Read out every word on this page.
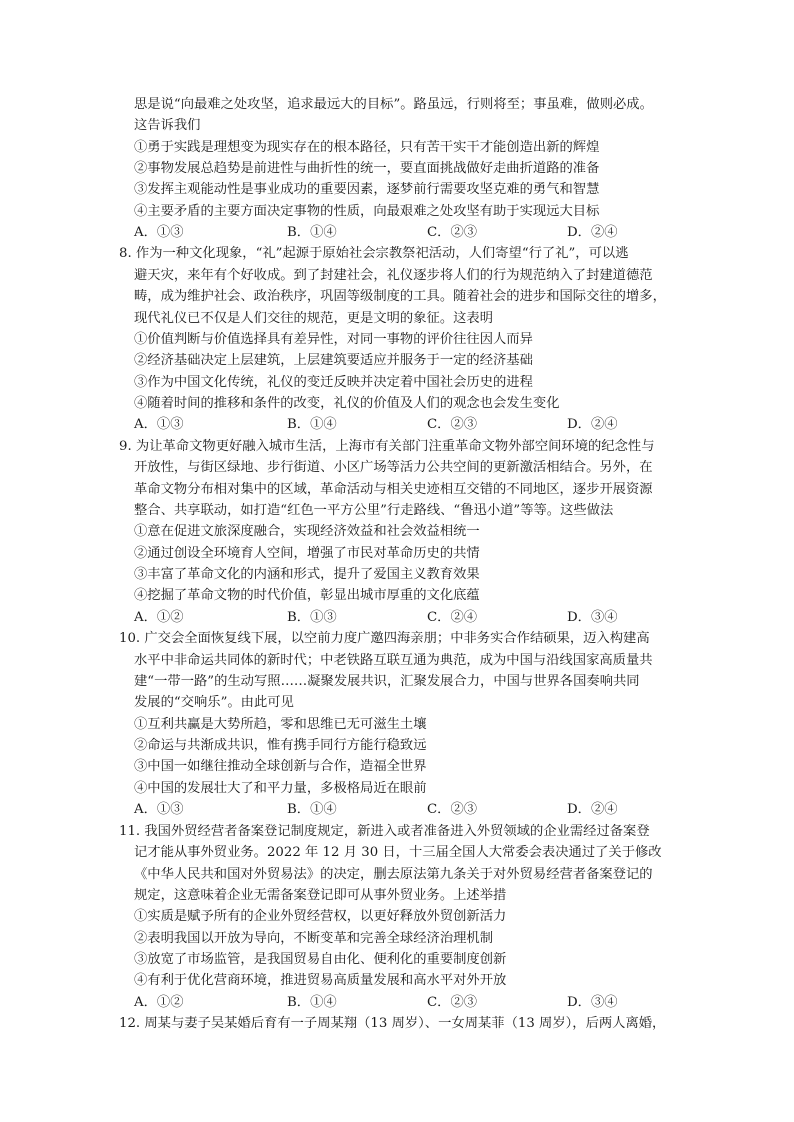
思是说“向最难之处攻坚，追求最远大的目标”。路虽远，行则将至；事虽难，做则必成。
这告诉我们
①勇于实践是理想变为现实存在的根本路径，只有苦干实干才能创造出新的辉煌
②事物发展总趋势是前进性与曲折性的统一，要直面挑战做好走曲折道路的准备
③发挥主观能动性是事业成功的重要因素，逐梦前行需要攻坚克难的勇气和智慧
④主要矛盾的主要方面决定事物的性质，向最艰难之处攻坚有助于实现远大目标
A．①③	B．①④	C．②③	D．②④
8. 作为一种文化现象，“礼”起源于原始社会宗教祭祀活动，人们寄望“行了礼”，可以逃
避天灾，来年有个好收成。到了封建社会，礼仪逐步将人们的行为规范纳入了封建道德范
畴，成为维护社会、政治秩序，巩固等级制度的工具。随着社会的进步和国际交往的增多，
现代礼仪已不仅是人们交往的规范，更是文明的象征。这表明
①价值判断与价值选择具有差异性，对同一事物的评价往往因人而异
②经济基础决定上层建筑，上层建筑要适应并服务于一定的经济基础
③作为中国文化传统，礼仪的变迁反映并决定着中国社会历史的进程
④随着时间的推移和条件的改变，礼仪的价值及人们的观念也会发生变化
A．①③	B．①④	C．②③	D．②④
9. 为让革命文物更好融入城市生活，上海市有关部门注重革命文物外部空间环境的纪念性与
开放性，与街区绿地、步行街道、小区广场等活力公共空间的更新激活相结合。另外，在
革命文物分布相对集中的区域，革命活动与相关史迹相互交错的不同地区，逐步开展资源
整合、共享联动，如打造“红色一平方公里”行走路线、“鲁迅小道”等等。这些做法
①意在促进文旅深度融合，实现经济效益和社会效益相统一
②通过创设全环境育人空间，增强了市民对革命历史的共情
③丰富了革命文化的内涵和形式，提升了爱国主义教育效果
④挖掘了革命文物的时代价值，彰显出城市厚重的文化底蕴
A．①②	B．①③	C．②④	D．③④
10. 广交会全面恢复线下展，以空前力度广邀四海亲朋；中非务实合作结硕果，迈入构建高
水平中非命运共同体的新时代；中老铁路互联互通为典范，成为中国与沿线国家高质量共
建“一带一路”的生动写照……凝聚发展共识，汇聚发展合力，中国与世界各国奏响共同
发展的“交响乐”。由此可见
①互利共赢是大势所趋，零和思维已无可滋生土壤
②命运与共渐成共识，惟有携手同行方能行稳致远
③中国一如继往推动全球创新与合作，造福全世界
④中国的发展壮大了和平力量，多极格局近在眼前
A．①③	B．①④	C．②③	D．②④
11. 我国外贸经营者备案登记制度规定，新进入或者准备进入外贸领域的企业需经过备案登
记才能从事外贸业务。2022 年 12 月 30 日，十三届全国人大常委会表决通过了关于修改
《中华人民共和国对外贸易法》的决定，删去原法第九条关于对外贸易经营者备案登记的
规定，这意味着企业无需备案登记即可从事外贸业务。上述举措
①实质是赋予所有的企业外贸经营权，以更好释放外贸创新活力
②表明我国以开放为导向，不断变革和完善全球经济治理机制
③放宽了市场监管，是我国贸易自由化、便利化的重要制度创新
④有利于优化营商环境，推进贸易高质量发展和高水平对外开放
A．①②	B．①④	C．②③	D．③④
12. 周某与妻子吴某婚后育有一子周某翔（13 周岁）、一女周某菲（13 周岁），后两人离婚，
